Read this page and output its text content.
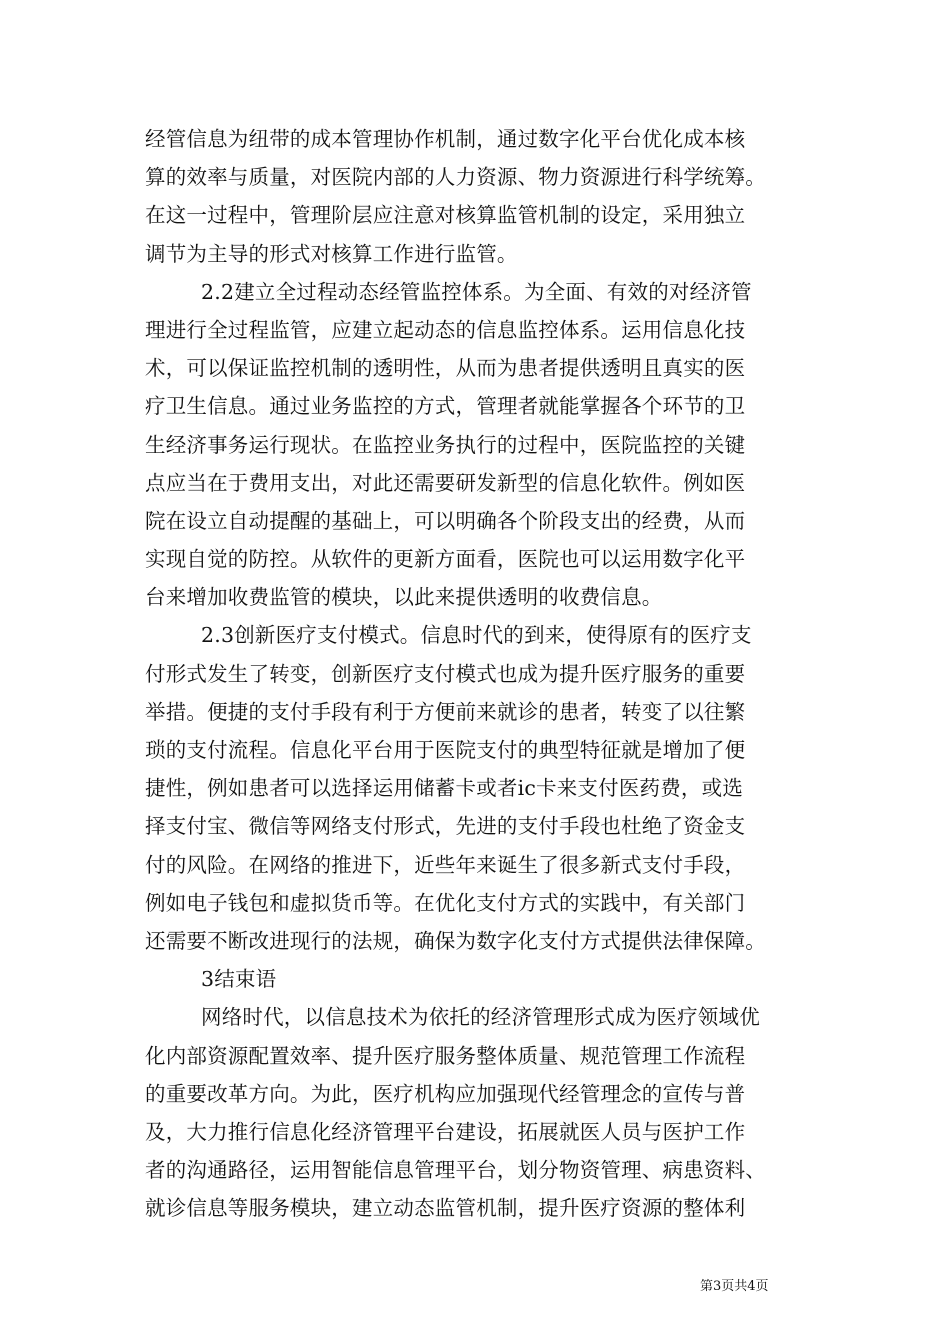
经管信息为纽带的成本管理协作机制，通过数字化平台优化成本核
算的效率与质量，对医院内部的人力资源、物力资源进行科学统筹。
在这一过程中，管理阶层应注意对核算监管机制的设定，采用独立
调节为主导的形式对核算工作进行监管。
2.2建立全过程动态经管监控体系。为全面、有效的对经济管
理进行全过程监管，应建立起动态的信息监控体系。运用信息化技
术，可以保证监控机制的透明性，从而为患者提供透明且真实的医
疗卫生信息。通过业务监控的方式，管理者就能掌握各个环节的卫
生经济事务运行现状。在监控业务执行的过程中，医院监控的关键
点应当在于费用支出，对此还需要研发新型的信息化软件。例如医
院在设立自动提醒的基础上，可以明确各个阶段支出的经费，从而
实现自觉的防控。从软件的更新方面看，医院也可以运用数字化平
台来增加收费监管的模块，以此来提供透明的收费信息。
2.3创新医疗支付模式。信息时代的到来，使得原有的医疗支
付形式发生了转变，创新医疗支付模式也成为提升医疗服务的重要
举措。便捷的支付手段有利于方便前来就诊的患者，转变了以往繁
琐的支付流程。信息化平台用于医院支付的典型特征就是增加了便
捷性，例如患者可以选择运用储蓄卡或者ic卡来支付医药费，或选
择支付宝、微信等网络支付形式，先进的支付手段也杜绝了资金支
付的风险。在网络的推进下，近些年来诞生了很多新式支付手段，
例如电子钱包和虚拟货币等。在优化支付方式的实践中，有关部门
还需要不断改进现行的法规，确保为数字化支付方式提供法律保障。
3结束语
网络时代，以信息技术为依托的经济管理形式成为医疗领域优
化内部资源配置效率、提升医疗服务整体质量、规范管理工作流程
的重要改革方向。为此，医疗机构应加强现代经管理念的宣传与普
及，大力推行信息化经济管理平台建设，拓展就医人员与医护工作
者的沟通路径，运用智能信息管理平台，划分物资管理、病患资料、
就诊信息等服务模块，建立动态监管机制，提升医疗资源的整体利
第3页共4页
